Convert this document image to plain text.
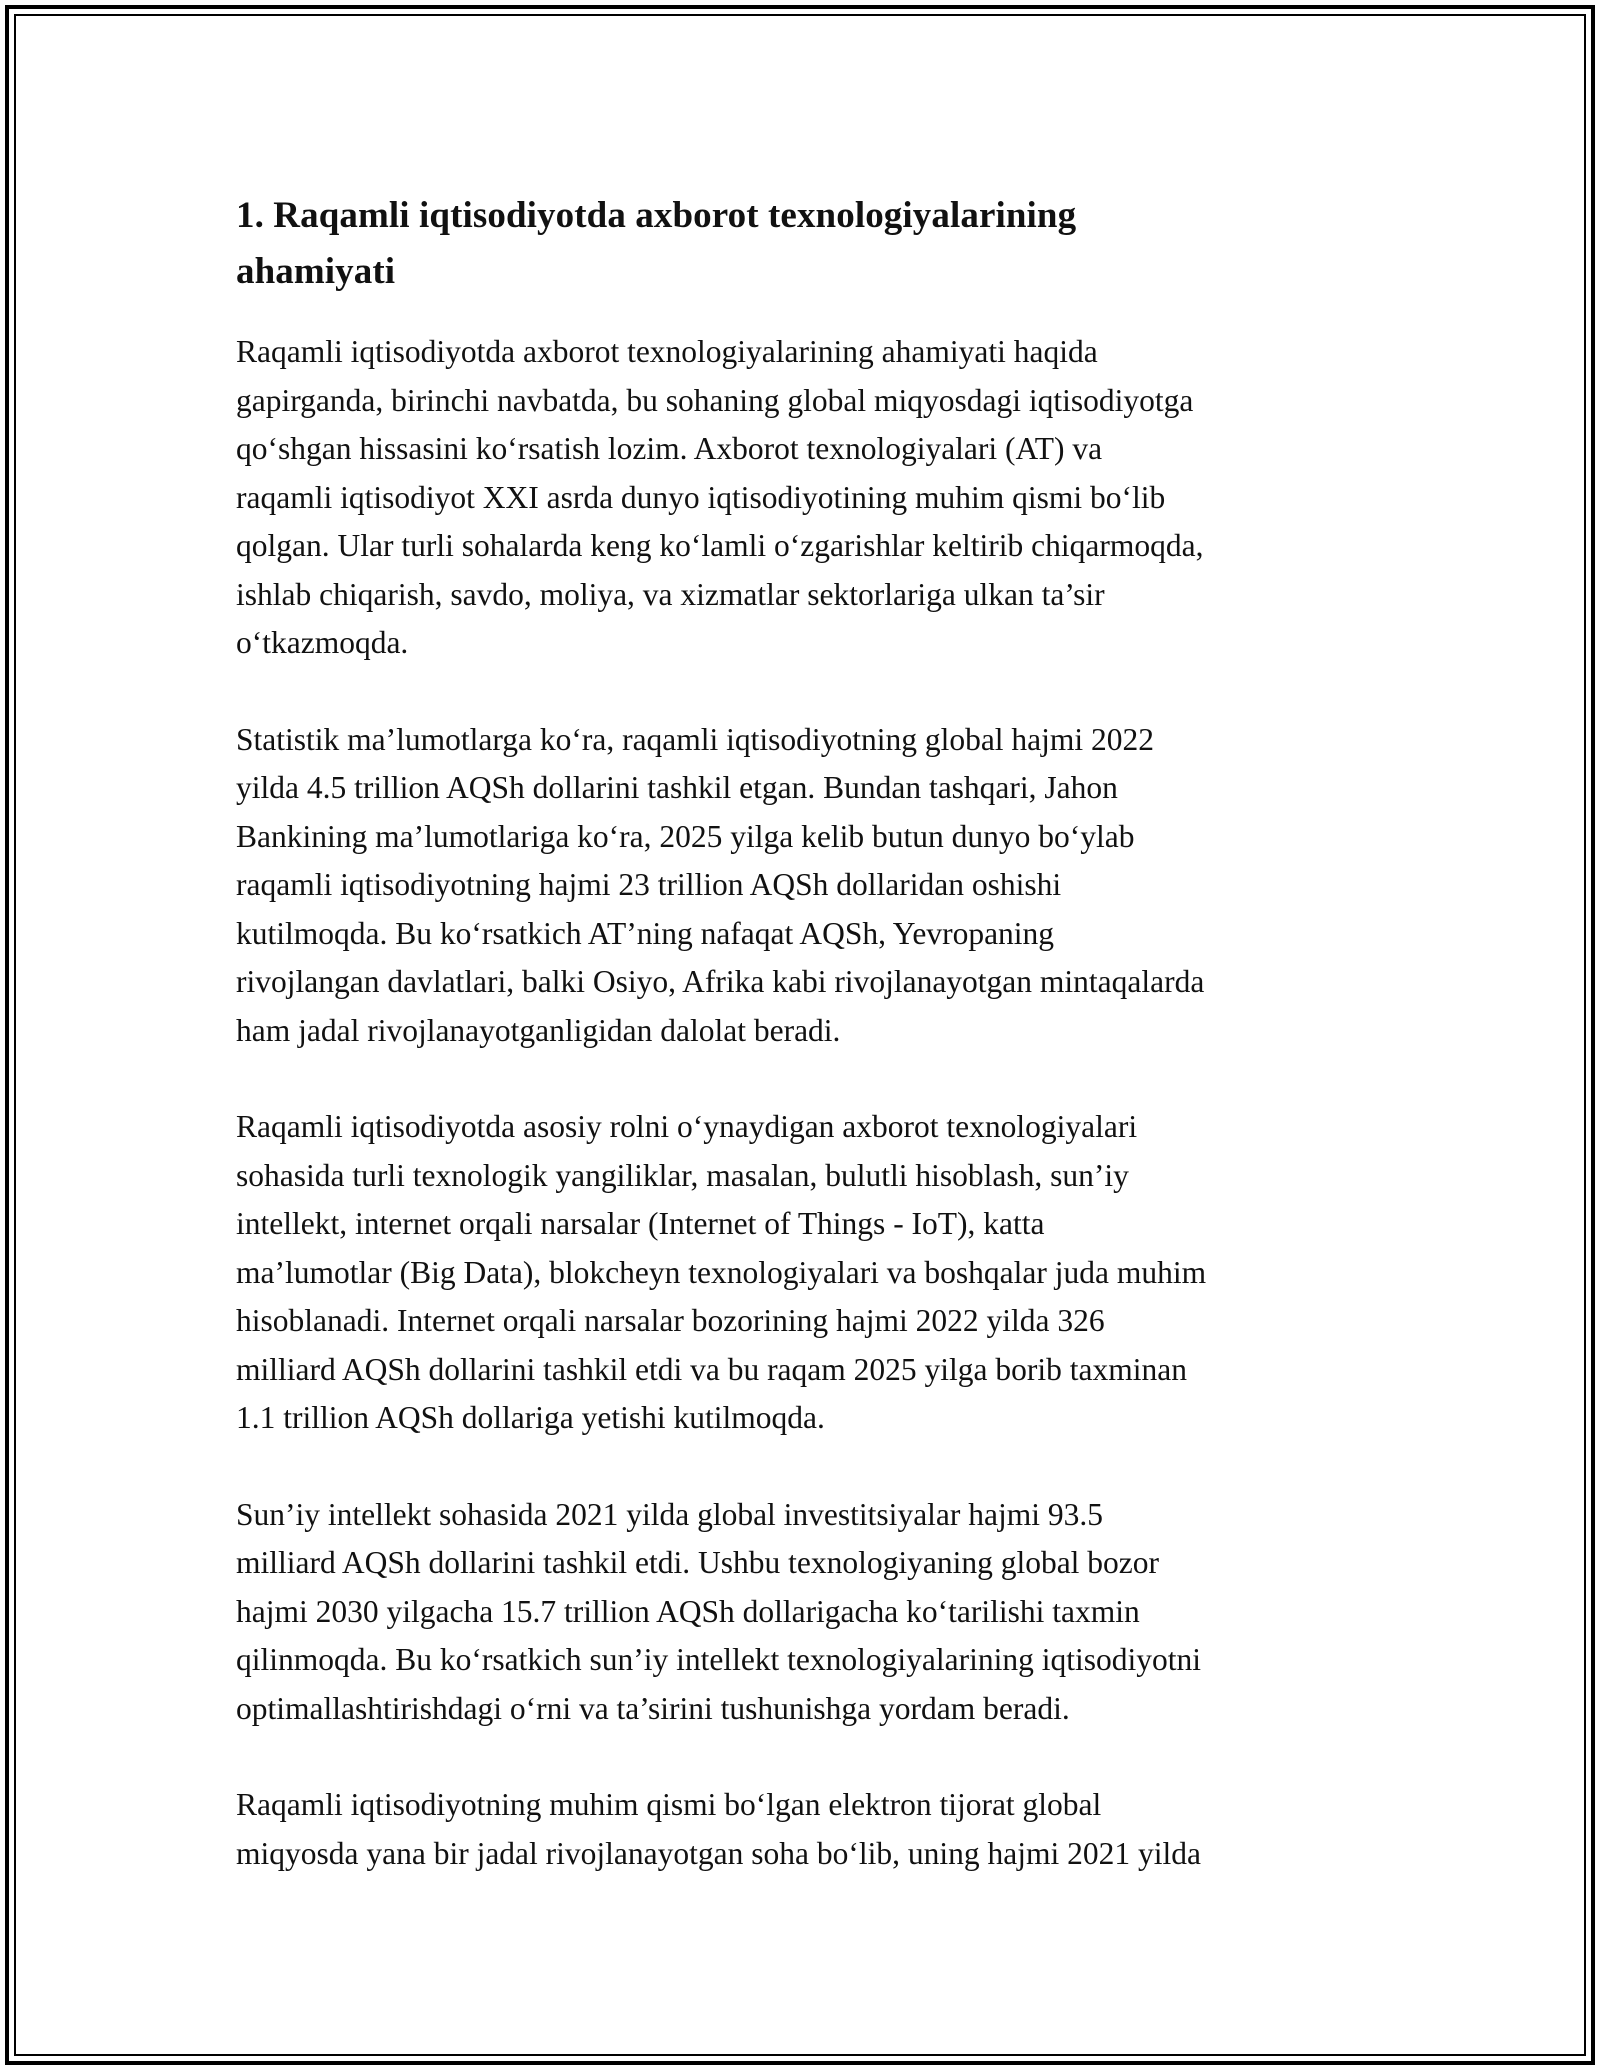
1. Raqamli iqtisodiyotda axborot texnologiyalarining
ahamiyati

Raqamli iqtisodiyotda axborot texnologiyalarining ahamiyati haqida
gapirganda, birinchi navbatda, bu sohaning global miqyosdagi iqtisodiyotga
qo‘shgan hissasini ko‘rsatish lozim. Axborot texnologiyalari (AT) va
raqamli iqtisodiyot XXI asrda dunyo iqtisodiyotining muhim qismi bo‘lib
qolgan. Ular turli sohalarda keng ko‘lamli o‘zgarishlar keltirib chiqarmoqda,
ishlab chiqarish, savdo, moliya, va xizmatlar sektorlariga ulkan ta’sir
o‘tkazmoqda.

Statistik ma’lumotlarga ko‘ra, raqamli iqtisodiyotning global hajmi 2022
yilda 4.5 trillion AQSh dollarini tashkil etgan. Bundan tashqari, Jahon
Bankining ma’lumotlariga ko‘ra, 2025 yilga kelib butun dunyo bo‘ylab
raqamli iqtisodiyotning hajmi 23 trillion AQSh dollaridan oshishi
kutilmoqda. Bu ko‘rsatkich AT’ning nafaqat AQSh, Yevropaning
rivojlangan davlatlari, balki Osiyo, Afrika kabi rivojlanayotgan mintaqalarda
ham jadal rivojlanayotganligidan dalolat beradi.

Raqamli iqtisodiyotda asosiy rolni o‘ynaydigan axborot texnologiyalari
sohasida turli texnologik yangiliklar, masalan, bulutli hisoblash, sun’iy
intellekt, internet orqali narsalar (Internet of Things - IoT), katta
ma’lumotlar (Big Data), blokcheyn texnologiyalari va boshqalar juda muhim
hisoblanadi. Internet orqali narsalar bozorining hajmi 2022 yilda 326
milliard AQSh dollarini tashkil etdi va bu raqam 2025 yilga borib taxminan
1.1 trillion AQSh dollariga yetishi kutilmoqda.

Sun’iy intellekt sohasida 2021 yilda global investitsiyalar hajmi 93.5
milliard AQSh dollarini tashkil etdi. Ushbu texnologiyaning global bozor
hajmi 2030 yilgacha 15.7 trillion AQSh dollarigacha ko‘tarilishi taxmin
qilinmoqda. Bu ko‘rsatkich sun’iy intellekt texnologiyalarining iqtisodiyotni
optimallashtirishdagi o‘rni va ta’sirini tushunishga yordam beradi.

Raqamli iqtisodiyotning muhim qismi bo‘lgan elektron tijorat global
miqyosda yana bir jadal rivojlanayotgan soha bo‘lib, uning hajmi 2021 yilda
